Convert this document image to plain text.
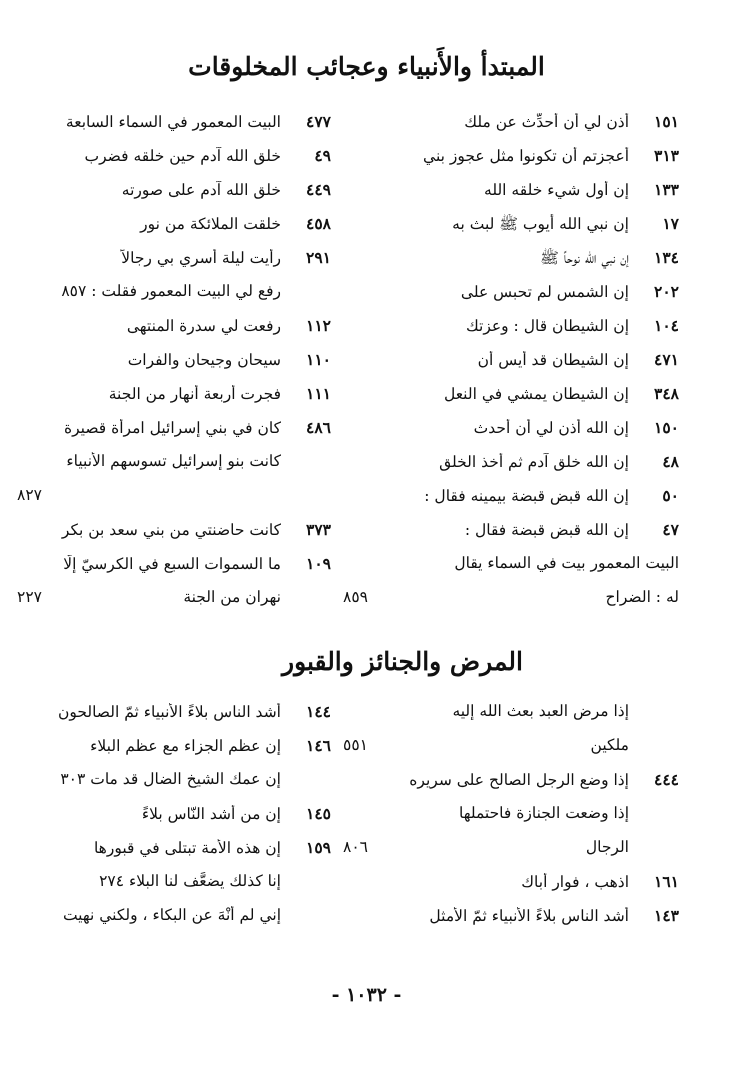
المبتدأ والأَنبياء وعجائب المخلوقات
١٥١
أُذن لي أن أُحدِّث عن ملك
٣١٣
أَعجزتم أن تكونوا مثل عجوز بني
١٣٣
إن أول شيء خلقه الله
١٧
إن نبي الله أيوب ﷺ لبث به
١٣٤
إن نبي الله نوحاً ﷺ
٢٠٢
إن الشمس لم تحبس على
١٠٤
إن الشيطان قال : وعزتك
٤٧١
إن الشيطان قد أيس أن
٣٤٨
إن الشيطان يمشي في النعل
١٥٠
إن الله أذن لي أن أحدث
٤٨
إن الله خلق آدم ثم أخذ الخلق
٥٠
إن الله قبض قبضة بيمينه فقال :
٤٧
إن الله قبض قبضة فقال :
البيت المعمور بيت في السماء يقال
له : الضراح
٨٥٩
٤٧٧
البيت المعمور في السماء السابعة
٤٩
خلق الله آدم حين خلقه فضرب
٤٤٩
خلق الله آدم على صورته
٤٥٨
خلقت الملائكة من نور
٢٩١
رأيت ليلة أسري بي رجالاً
رفع لي البيت المعمور فقلت : ٨٥٧
١١٢
رفعت لي سدرة المنتهى
١١٠
سيحان وجيحان والفرات
١١١
فجرت أربعة أنهار من الجنة
٤٨٦
كان في بني إسرائيل امرأة قصيرة
كانت بنو إسرائيل تسوسهم الأنبياء
٨٢٧
٣٧٣
كانت حاضنتي من بني سعد بن بكر
١٠٩
ما السموات السبع في الكرسيّ إلّا
نهران من الجنة
٢٢٧
المرض والجنائز والقبور
إذا مرض العبد بعث الله إليه
ملكين
٥٥١
٤٤٤
إذا وضع الرجل الصالح على سريره
إذا وضعت الجنازة فاحتملها
الرجال
٨٠٦
١٦١
اذهب ، فوارِ أباك
١٤٣
أشد الناس بلاءً الأنبياء ثمّ الأمثل
١٤٤
أشد الناس بلاءً الأنبياء ثمّ الصالحون
١٤٦
إن عظم الجزاء مع عظم البلاء
إن عمك الشيخ الضال قد مات ٣٠٣
١٤٥
إن من أشد النّاس بلاءً
١٥٩
إن هذه الأمة تبتلى في قبورها
إنا كذلك يضعَّف لنا البلاء ٢٧٤
إني لم أنْهَ عن البكاء ، ولكني نهيت
- ١٠٣٢ -
